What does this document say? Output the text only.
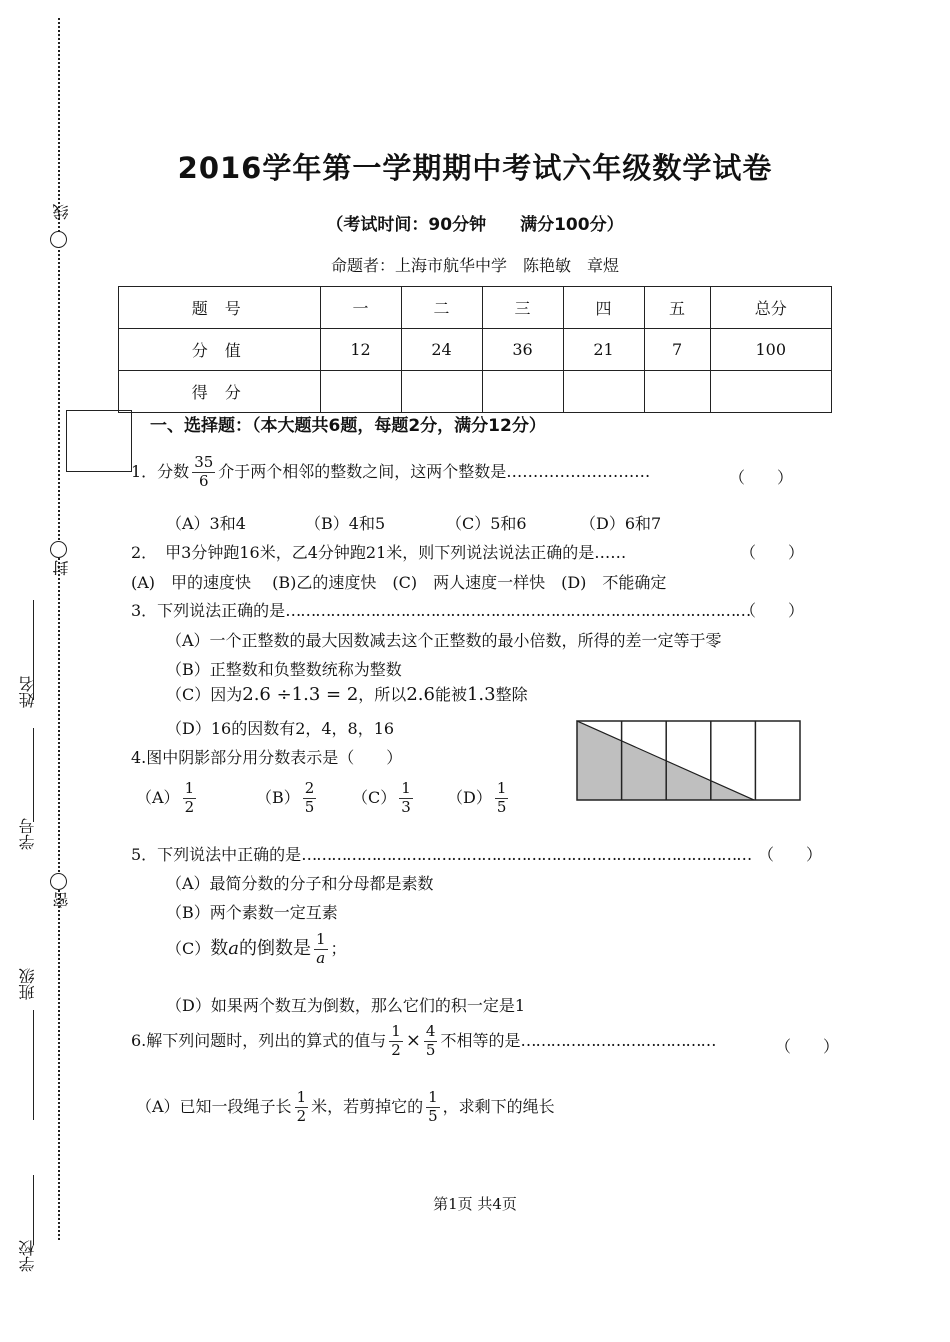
线
封
密
姓名
学号
班级
学校
2016学年第一学期期中考试六年级数学试卷
（考试时间：90分钟　　满分100分）
命题者：上海市航华中学　陈艳敏　章煜
题 号	一	二	三	四	五	总分
分 值	12	24	36	21	7	100
得 分						
一、选择题：（本大题共6题，每题2分，满分12分）
1．分数 $\frac{35}{6}$ 介于两个相邻的整数之间，这两个整数是………………………	（　　）
（A）3和4	（B）4和5	（C）5和6	（D）6和7
2．　甲3分钟跑16米，乙4分钟跑21米，则下列说法说法正确的是……	（　　）
(A)　甲的速度快　 (B)乙的速度快　(C)　两人速度一样快　(D)　不能确定
3．下列说法正确的是…………………………………………………………………………………
（　　）
（A）一个正整数的最大因数减去这个正整数的最小倍数，所得的差一定等于零
（B）正整数和负整数统称为整数
（C）因为2.6 ÷1.3 = 2，所以2.6能被1.3整除
（D）16的因数有2，4，8，16
4.图中阴影部分用分数表示是（　　）
$(A) \frac{1}{2}$	$(B) \frac{2}{5} (C) \frac{1}{3} (D) \frac{1}{5}$
5．下列说法中正确的是……………………………………………………………………………… （　　）
（A）最简分数的分子和分母都是素数
（B）两个素数一定互素
（C）数a的倒数是 $\frac{1}{a}$ ；
（D）如果两个数互为倒数，那么它们的积一定是1
6.解下列问题时，列出的算式的值与 $\frac{1}{2} \times \frac{4}{5}$ 不相等的是…………………………………	（　　）
（A）已知一段绳子长 $\frac{1}{2}$ 米，若剪掉它的 $\frac{1}{5}$ ，求剩下的绳长
第1页 共4页
